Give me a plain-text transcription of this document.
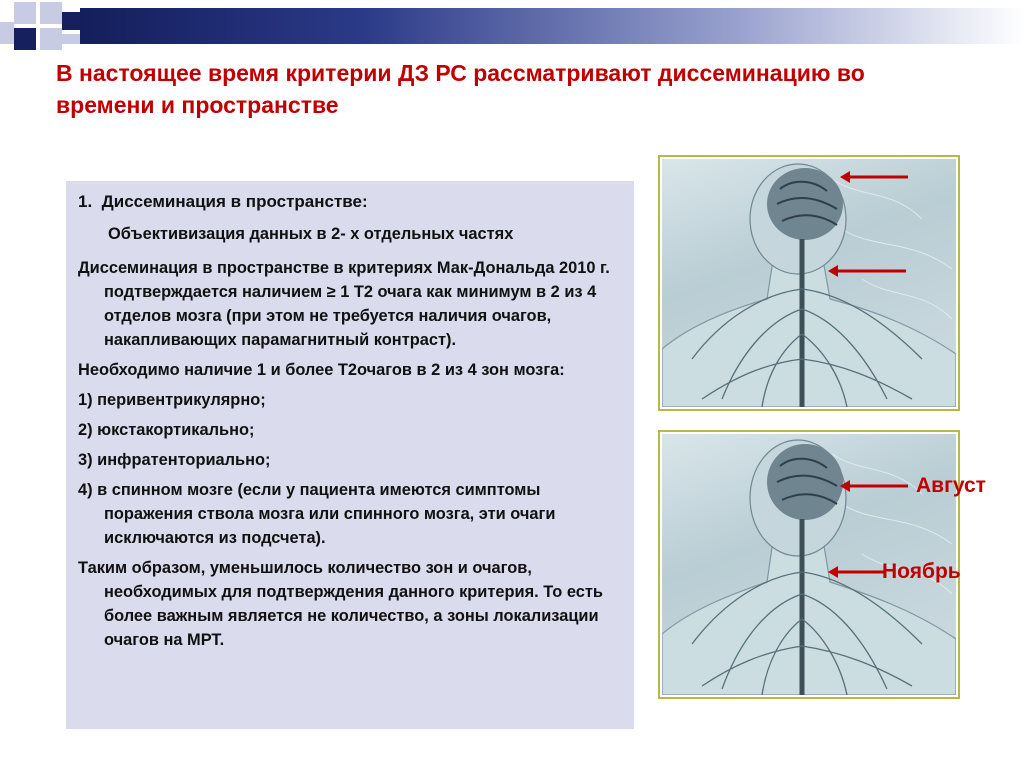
В настоящее время критерии ДЗ РС рассматривают диссеминацию во времени и пространстве

1. Диссеминация в пространстве:

Объективизация данных в 2- х отдельных частях

Диссеминация в пространстве в критериях Мак-Дональда 2010 г. подтверждается наличием ≥ 1 Т2 очага как минимум в 2 из 4 отделов мозга (при этом не требуется наличия очагов, накапливающих парамагнитный контраст).

Необходимо наличие 1 и более Т2очагов в 2 из 4 зон мозга:

1) перивентрикулярно;

2) юкстакортикально;

3) инфратенториально;

4) в спинном мозге (если у пациента имеются симптомы поражения ствола мозга или спинного мозга, эти очаги исключаются из подсчета).

Таким образом, уменьшилось количество зон и очагов, необходимых для подтверждения данного критерия. То есть более важным является не количество, а зоны локализации очагов на МРТ.

Август
Ноябрь
